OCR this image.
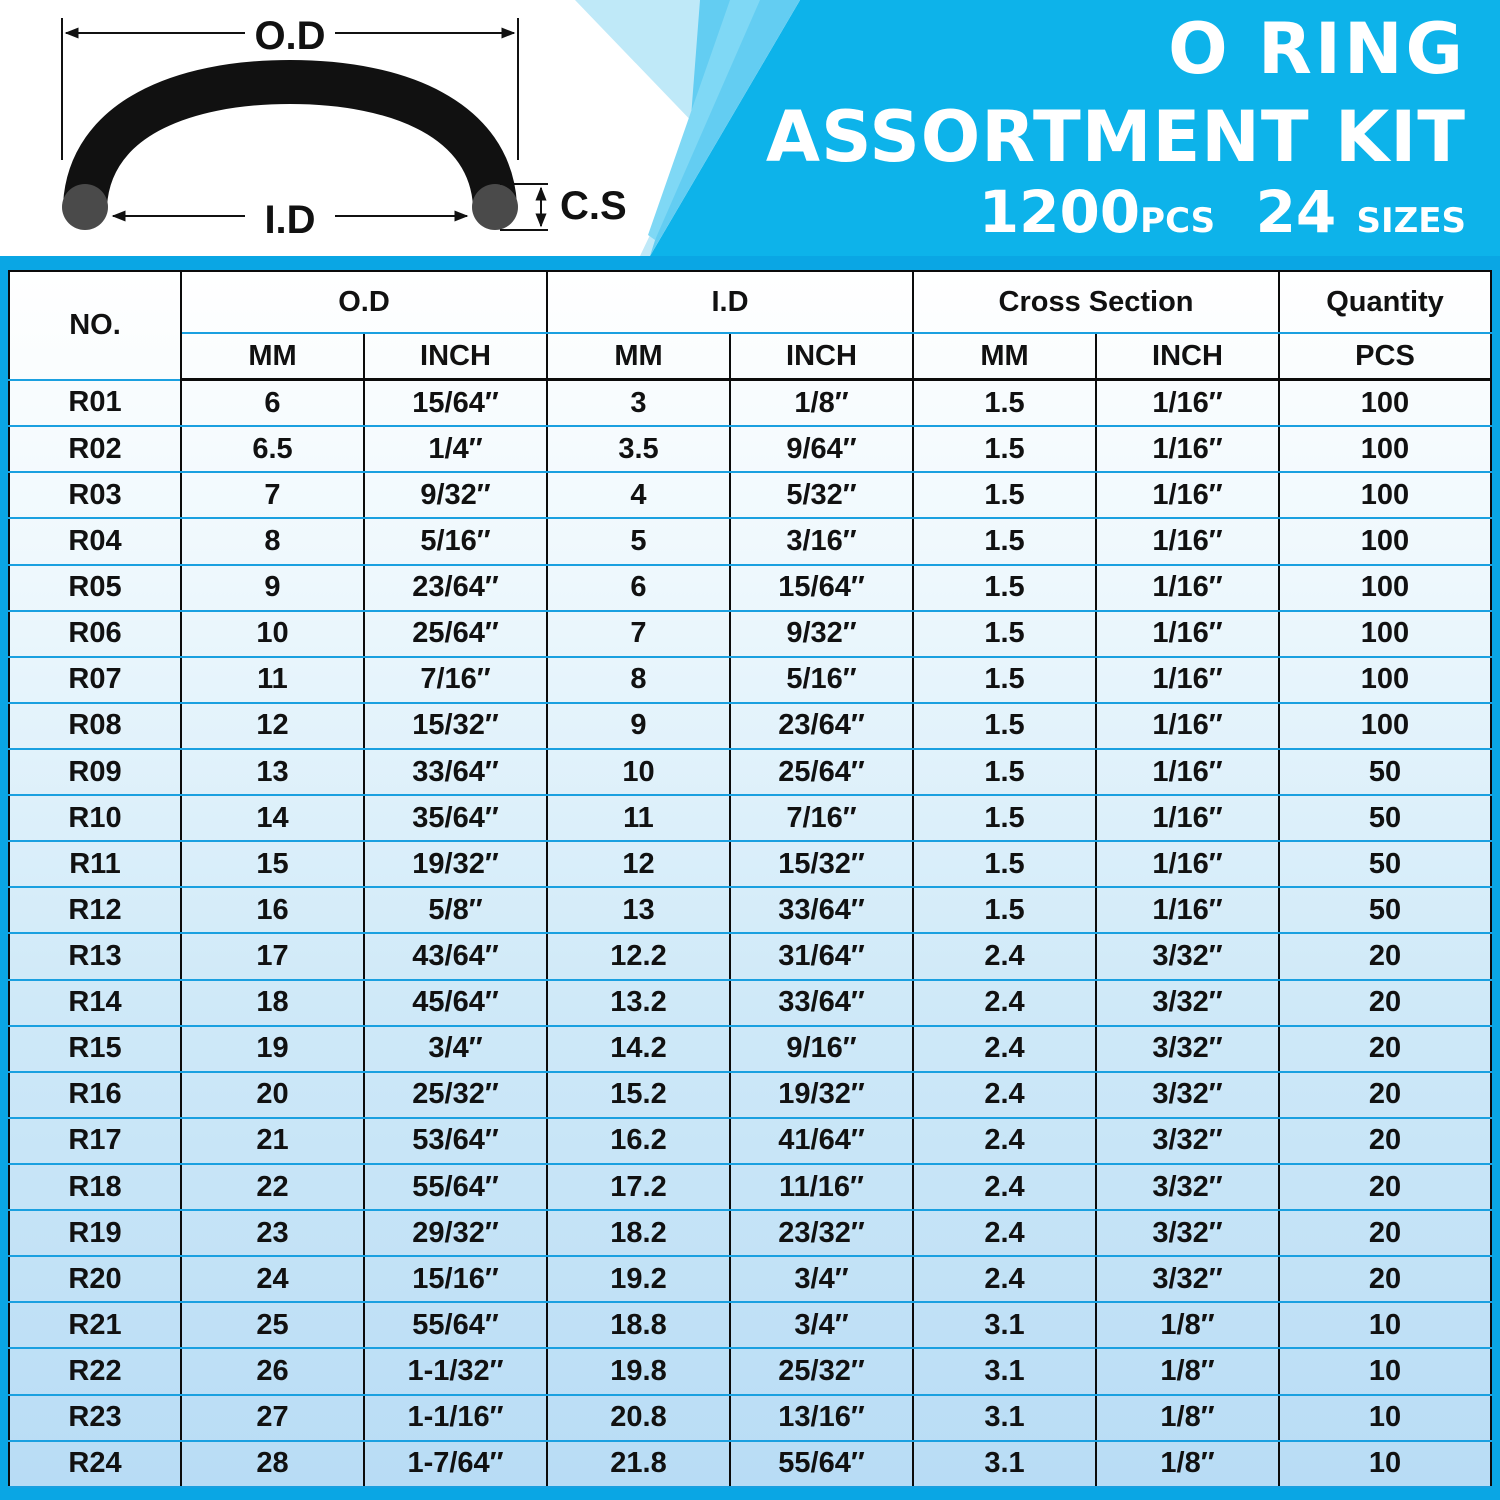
O.D
I.D	C.S
O RING
ASSORTMENT KIT
1200PCS 24 SIZES
NO.	O.D		I.D		Cross Section		Quantity
	MM	INCH	MM	INCH	MM	INCH	PCS
R01	6	15/64″	3	1/8″	1.5	1/16″	100
R02	6.5	1/4″	3.5	9/64″	1.5	1/16″	100
R03	7	9/32″	4	5/32″	1.5	1/16″	100
R04	8	5/16″	5	3/16″	1.5	1/16″	100
R05	9	23/64″	6	15/64″	1.5	1/16″	100
R06	10	25/64″	7	9/32″	1.5	1/16″	100
R07	11	7/16″	8	5/16″	1.5	1/16″	100
R08	12	15/32″	9	23/64″	1.5	1/16″	100
R09	13	33/64″	10	25/64″	1.5	1/16″	50
R10	14	35/64″	11	7/16″	1.5	1/16″	50
R11	15	19/32″	12	15/32″	1.5	1/16″	50
R12	16	5/8″	13	33/64″	1.5	1/16″	50
R13	17	43/64″	12.2	31/64″	2.4	3/32″	20
R14	18	45/64″	13.2	33/64″	2.4	3/32″	20
R15	19	3/4″	14.2	9/16″	2.4	3/32″	20
R16	20	25/32″	15.2	19/32″	2.4	3/32″	20
R17	21	53/64″	16.2	41/64″	2.4	3/32″	20
R18	22	55/64″	17.2	11/16″	2.4	3/32″	20
R19	23	29/32″	18.2	23/32″	2.4	3/32″	20
R20	24	15/16″	19.2	3/4″	2.4	3/32″	20
R21	25	55/64″	18.8	3/4″	3.1	1/8″	10
R22	26	1-1/32″	19.8	25/32″	3.1	1/8″	10
R23	27	1-1/16″	20.8	13/16″	3.1	1/8″	10
R24	28	1-7/64″	21.8	55/64″	3.1	1/8″	10
